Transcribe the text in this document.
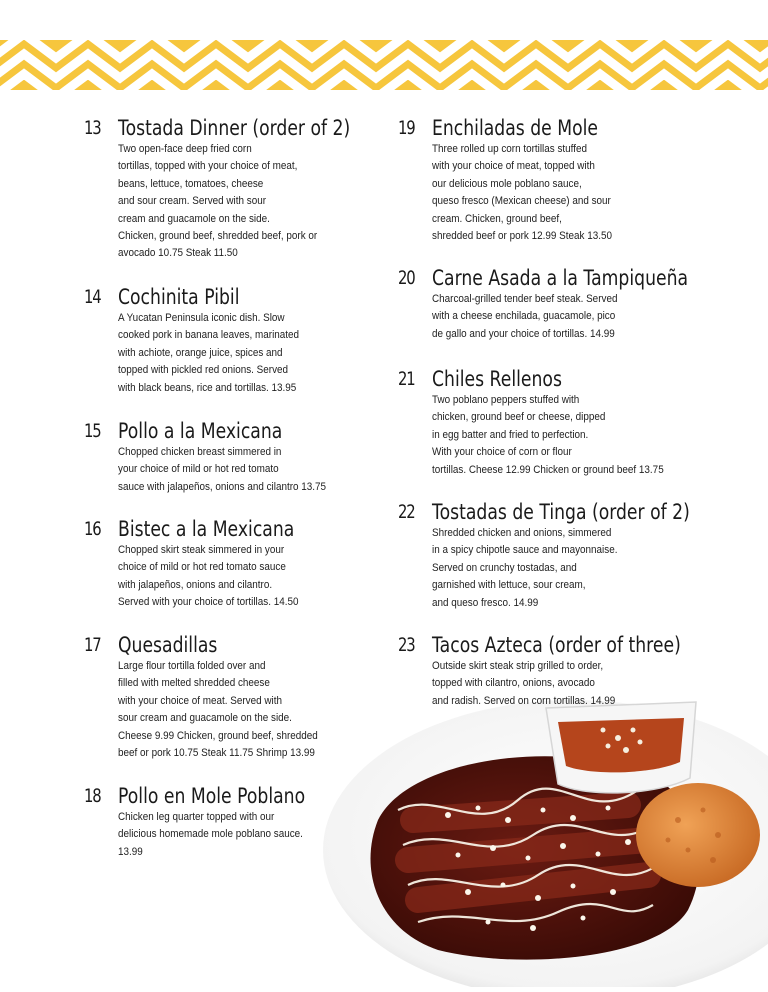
13 Tostada Dinner (order of 2)
Two open-face deep fried corn
tortillas, topped with your choice of meat,
beans, lettuce, tomatoes, cheese
and sour cream. Served with sour
cream and guacamole on the side.
Chicken, ground beef, shredded beef, pork or
avocado 10.75 Steak 11.50
14 Cochinita Pibil
A Yucatan Peninsula iconic dish. Slow
cooked pork in banana leaves, marinated
with achiote, orange juice, spices and
topped with pickled red onions. Served
with black beans, rice and tortillas. 13.95
15 Pollo a la Mexicana
Chopped chicken breast simmered in
your choice of mild or hot red tomato
sauce with jalapeños, onions and cilantro 13.75
16 Bistec a la Mexicana
Chopped skirt steak simmered in your
choice of mild or hot red tomato sauce
with jalapeños, onions and cilantro.
Served with your choice of tortillas. 14.50
17 Quesadillas
Large flour tortilla folded over and
filled with melted shredded cheese
with your choice of meat. Served with
sour cream and guacamole on the side.
Cheese 9.99 Chicken, ground beef, shredded
beef or pork 10.75 Steak 11.75 Shrimp 13.99
18 Pollo en Mole Poblano
Chicken leg quarter topped with our
delicious homemade mole poblano sauce.
13.99
19 Enchiladas de Mole
Three rolled up corn tortillas stuffed
with your choice of meat, topped with
our delicious mole poblano sauce,
queso fresco (Mexican cheese) and sour
cream. Chicken, ground beef,
shredded beef or pork 12.99 Steak 13.50
20 Carne Asada a la Tampiqueña
Charcoal-grilled tender beef steak. Served
with a cheese enchilada, guacamole, pico
de gallo and your choice of tortillas. 14.99
21 Chiles Rellenos
Two poblano peppers stuffed with
chicken, ground beef or cheese, dipped
in egg batter and fried to perfection.
With your choice of corn or flour
tortillas. Cheese 12.99 Chicken or ground beef 13.75
22 Tostadas de Tinga (order of 2)
Shredded chicken and onions, simmered
in a spicy chipotle sauce and mayonnaise.
Served on crunchy tostadas, and
garnished with lettuce, sour cream,
and queso fresco. 14.99
23 Tacos Azteca (order of three)
Outside skirt steak strip grilled to order,
topped with cilantro, onions, avocado
and radish. Served on corn tortillas. 14.99
